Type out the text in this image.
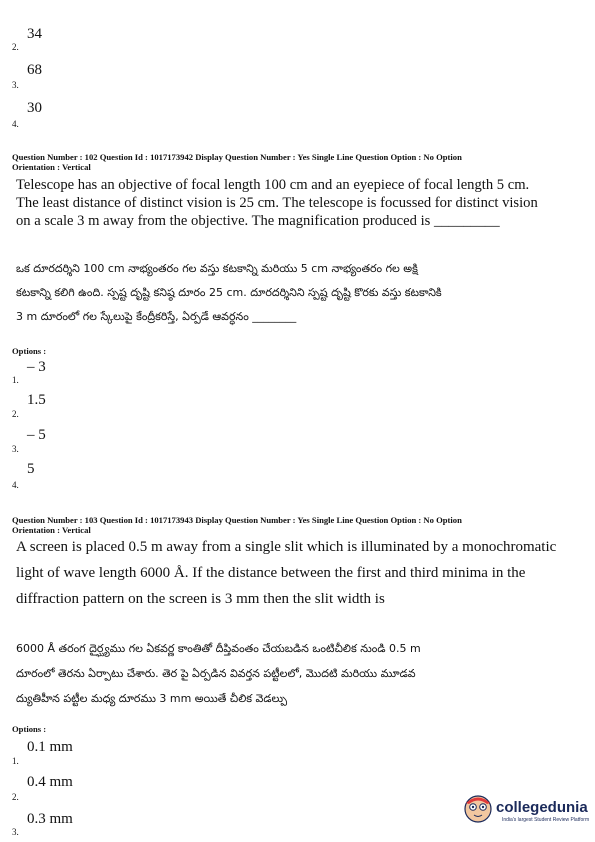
34
2.
68
3.
30
4.
Question Number : 102 Question Id : 1017173942 Display Question Number : Yes Single Line Question Option : No Option
Orientation : Vertical
Telescope has an objective of focal length 100 cm and an eyepiece of focal length 5 cm.
The least distance of distinct vision is 25 cm. The telescope is focussed for distinct vision
on a scale 3 m away from the objective. The magnification produced is _________
ఒక దూరదర్శిని 100 cm నాభ్యంతరం గల వస్తు కటకాన్ని మరియు 5 cm నాభ్యంతరం గల అక్షి
కటకాన్ని కలిగి ఉంది. స్పష్ట దృష్టి కనిష్ఠ దూరం 25 cm. దూరదర్శినిని స్పష్ట దృష్టి కొరకు వస్తు కటకానికి
3 m దూరంలో గల స్కేలుపై కేంద్రీకరిస్తే, ఏర్పడే ఆవర్ధనం ________
Options :
– 3
1.
1.5
2.
– 5
3.
5
4.
Question Number : 103 Question Id : 1017173943 Display Question Number : Yes Single Line Question Option : No Option
Orientation : Vertical
A screen is placed 0.5 m away from a single slit which is illuminated by a monochromatic
light of wave length 6000 Å. If the distance between the first and third minima in the
diffraction pattern on the screen is 3 mm then the slit width is
6000 Å తరంగ దైర్ఘ్యము గల ఏకవర్ణ కాంతితో దీప్తివంతం చేయబడిన ఒంటిచీలిక నుండి 0.5 m
దూరంలో తెరను ఏర్పాటు చేశారు. తెర పై ఏర్పడిన వివర్తన పట్టీలలో, మొదటి మరియు మూడవ
ద్యుతిహీన పట్టీల మధ్య దూరము 3 mm అయితే చీలిక వెడల్పు
Options :
0.1 mm
1.
0.4 mm
2.
0.3 mm
3.
collegedunia
India's largest Student Review Platform
